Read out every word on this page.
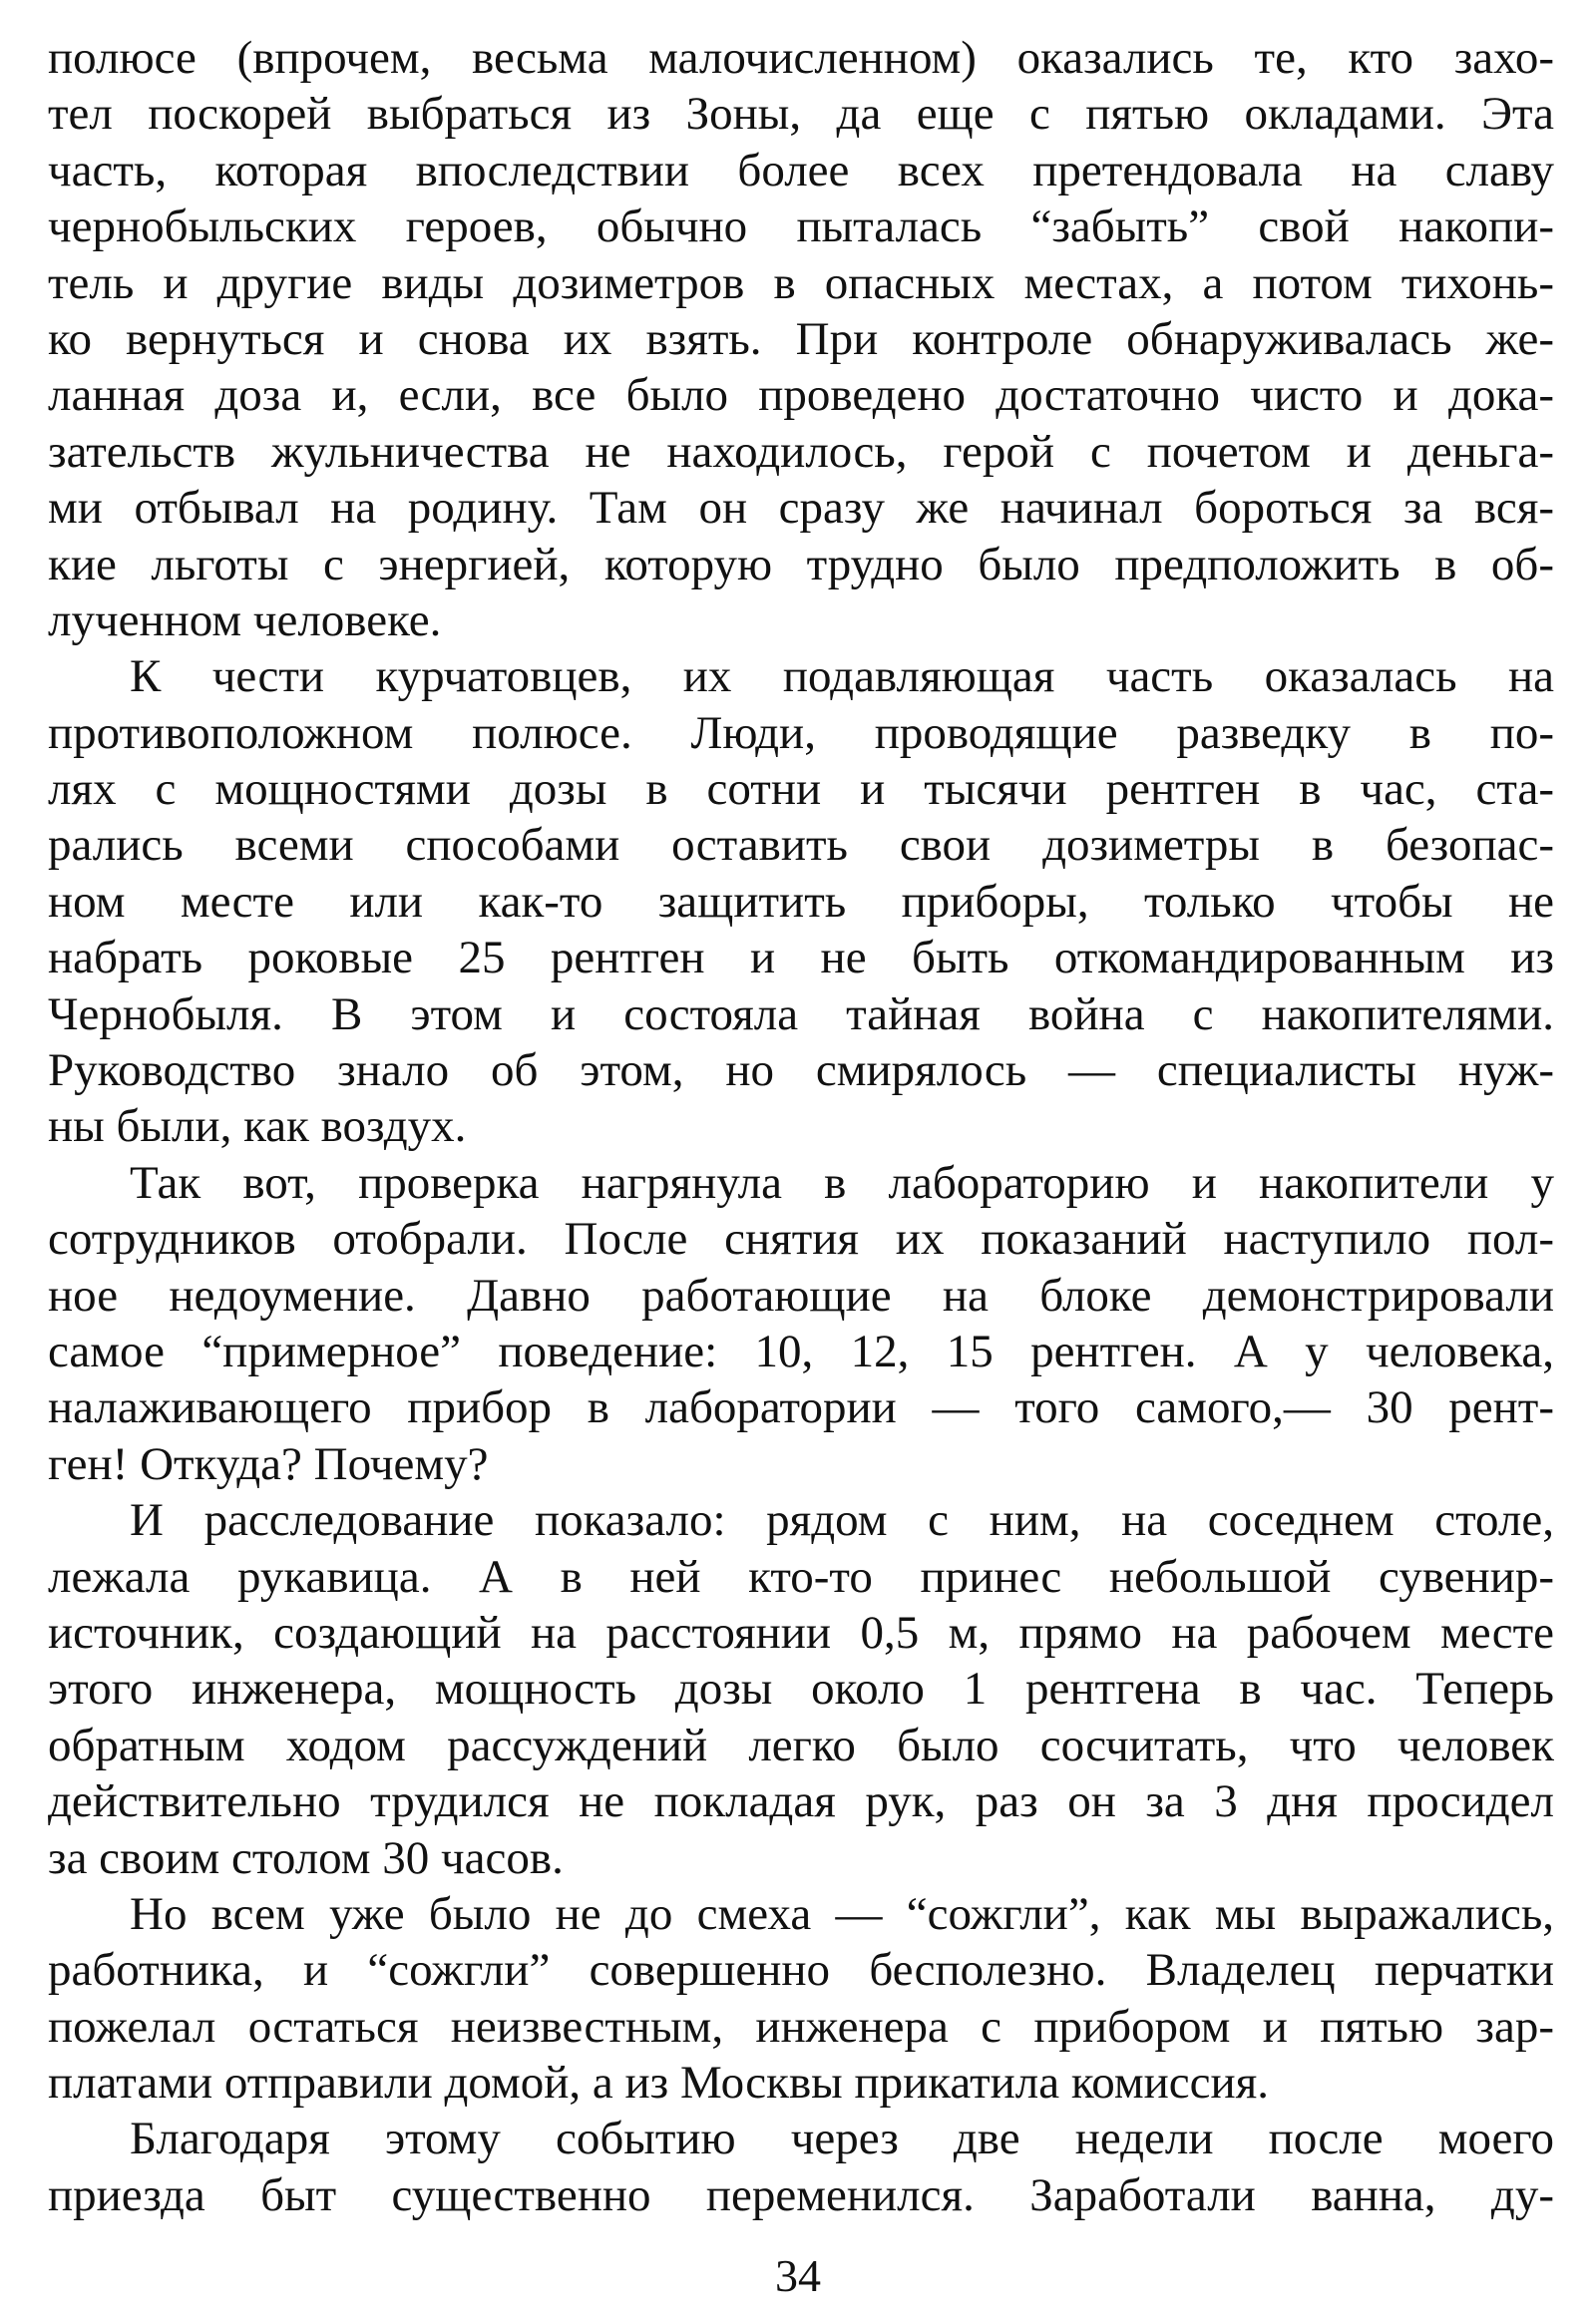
полюсе (впрочем, весьма малочисленном) оказались те, кто захо-
тел поскорей выбраться из Зоны, да еще с пятью окладами. Эта
часть, которая впоследствии более всех претендовала на славу
чернобыльских героев, обычно пыталась “забыть” свой накопи-
тель и другие виды дозиметров в опасных местах, а потом тихонь-
ко вернуться и снова их взять. При контроле обнаруживалась же-
ланная доза и, если, все было проведено достаточно чисто и дока-
зательств жульничества не находилось, герой с почетом и деньга-
ми отбывал на родину. Там он сразу же начинал бороться за вся-
кие льготы с энергией, которую трудно было предположить в об-
лученном человеке.
К чести курчатовцев, их подавляющая часть оказалась на
противоположном полюсе. Люди, проводящие разведку в по-
лях с мощностями дозы в сотни и тысячи рентген в час, ста-
рались всеми способами оставить свои дозиметры в безопас-
ном месте или как-то защитить приборы, только чтобы не
набрать роковые 25 рентген и не быть откомандированным из
Чернобыля. В этом и состояла тайная война с накопителями.
Руководство знало об этом, но смирялось — специалисты нуж-
ны были, как воздух.
Так вот, проверка нагрянула в лабораторию и накопители у
сотрудников отобрали. После снятия их показаний наступило пол-
ное недоумение. Давно работающие на блоке демонстрировали
самое “примерное” поведение: 10, 12, 15 рентген. А у человека,
налаживающего прибор в лаборатории — того самого,— 30 рент-
ген! Откуда? Почему?
И расследование показало: рядом с ним, на соседнем столе,
лежала рукавица. А в ней кто-то принес небольшой сувенир-
источник, создающий на расстоянии 0,5 м, прямо на рабочем месте
этого инженера, мощность дозы около 1 рентгена в час. Теперь
обратным ходом рассуждений легко было сосчитать, что человек
действительно трудился не покладая рук, раз он за 3 дня просидел
за своим столом 30 часов.
Но всем уже было не до смеха — “сожгли”, как мы выражались,
работника, и “сожгли” совершенно бесполезно. Владелец перчатки
пожелал остаться неизвестным, инженера с прибором и пятью зар-
платами отправили домой, а из Москвы прикатила комиссия.
Благодаря этому событию через две недели после моего
приезда быт существенно переменился. Заработали ванна, ду-
34
